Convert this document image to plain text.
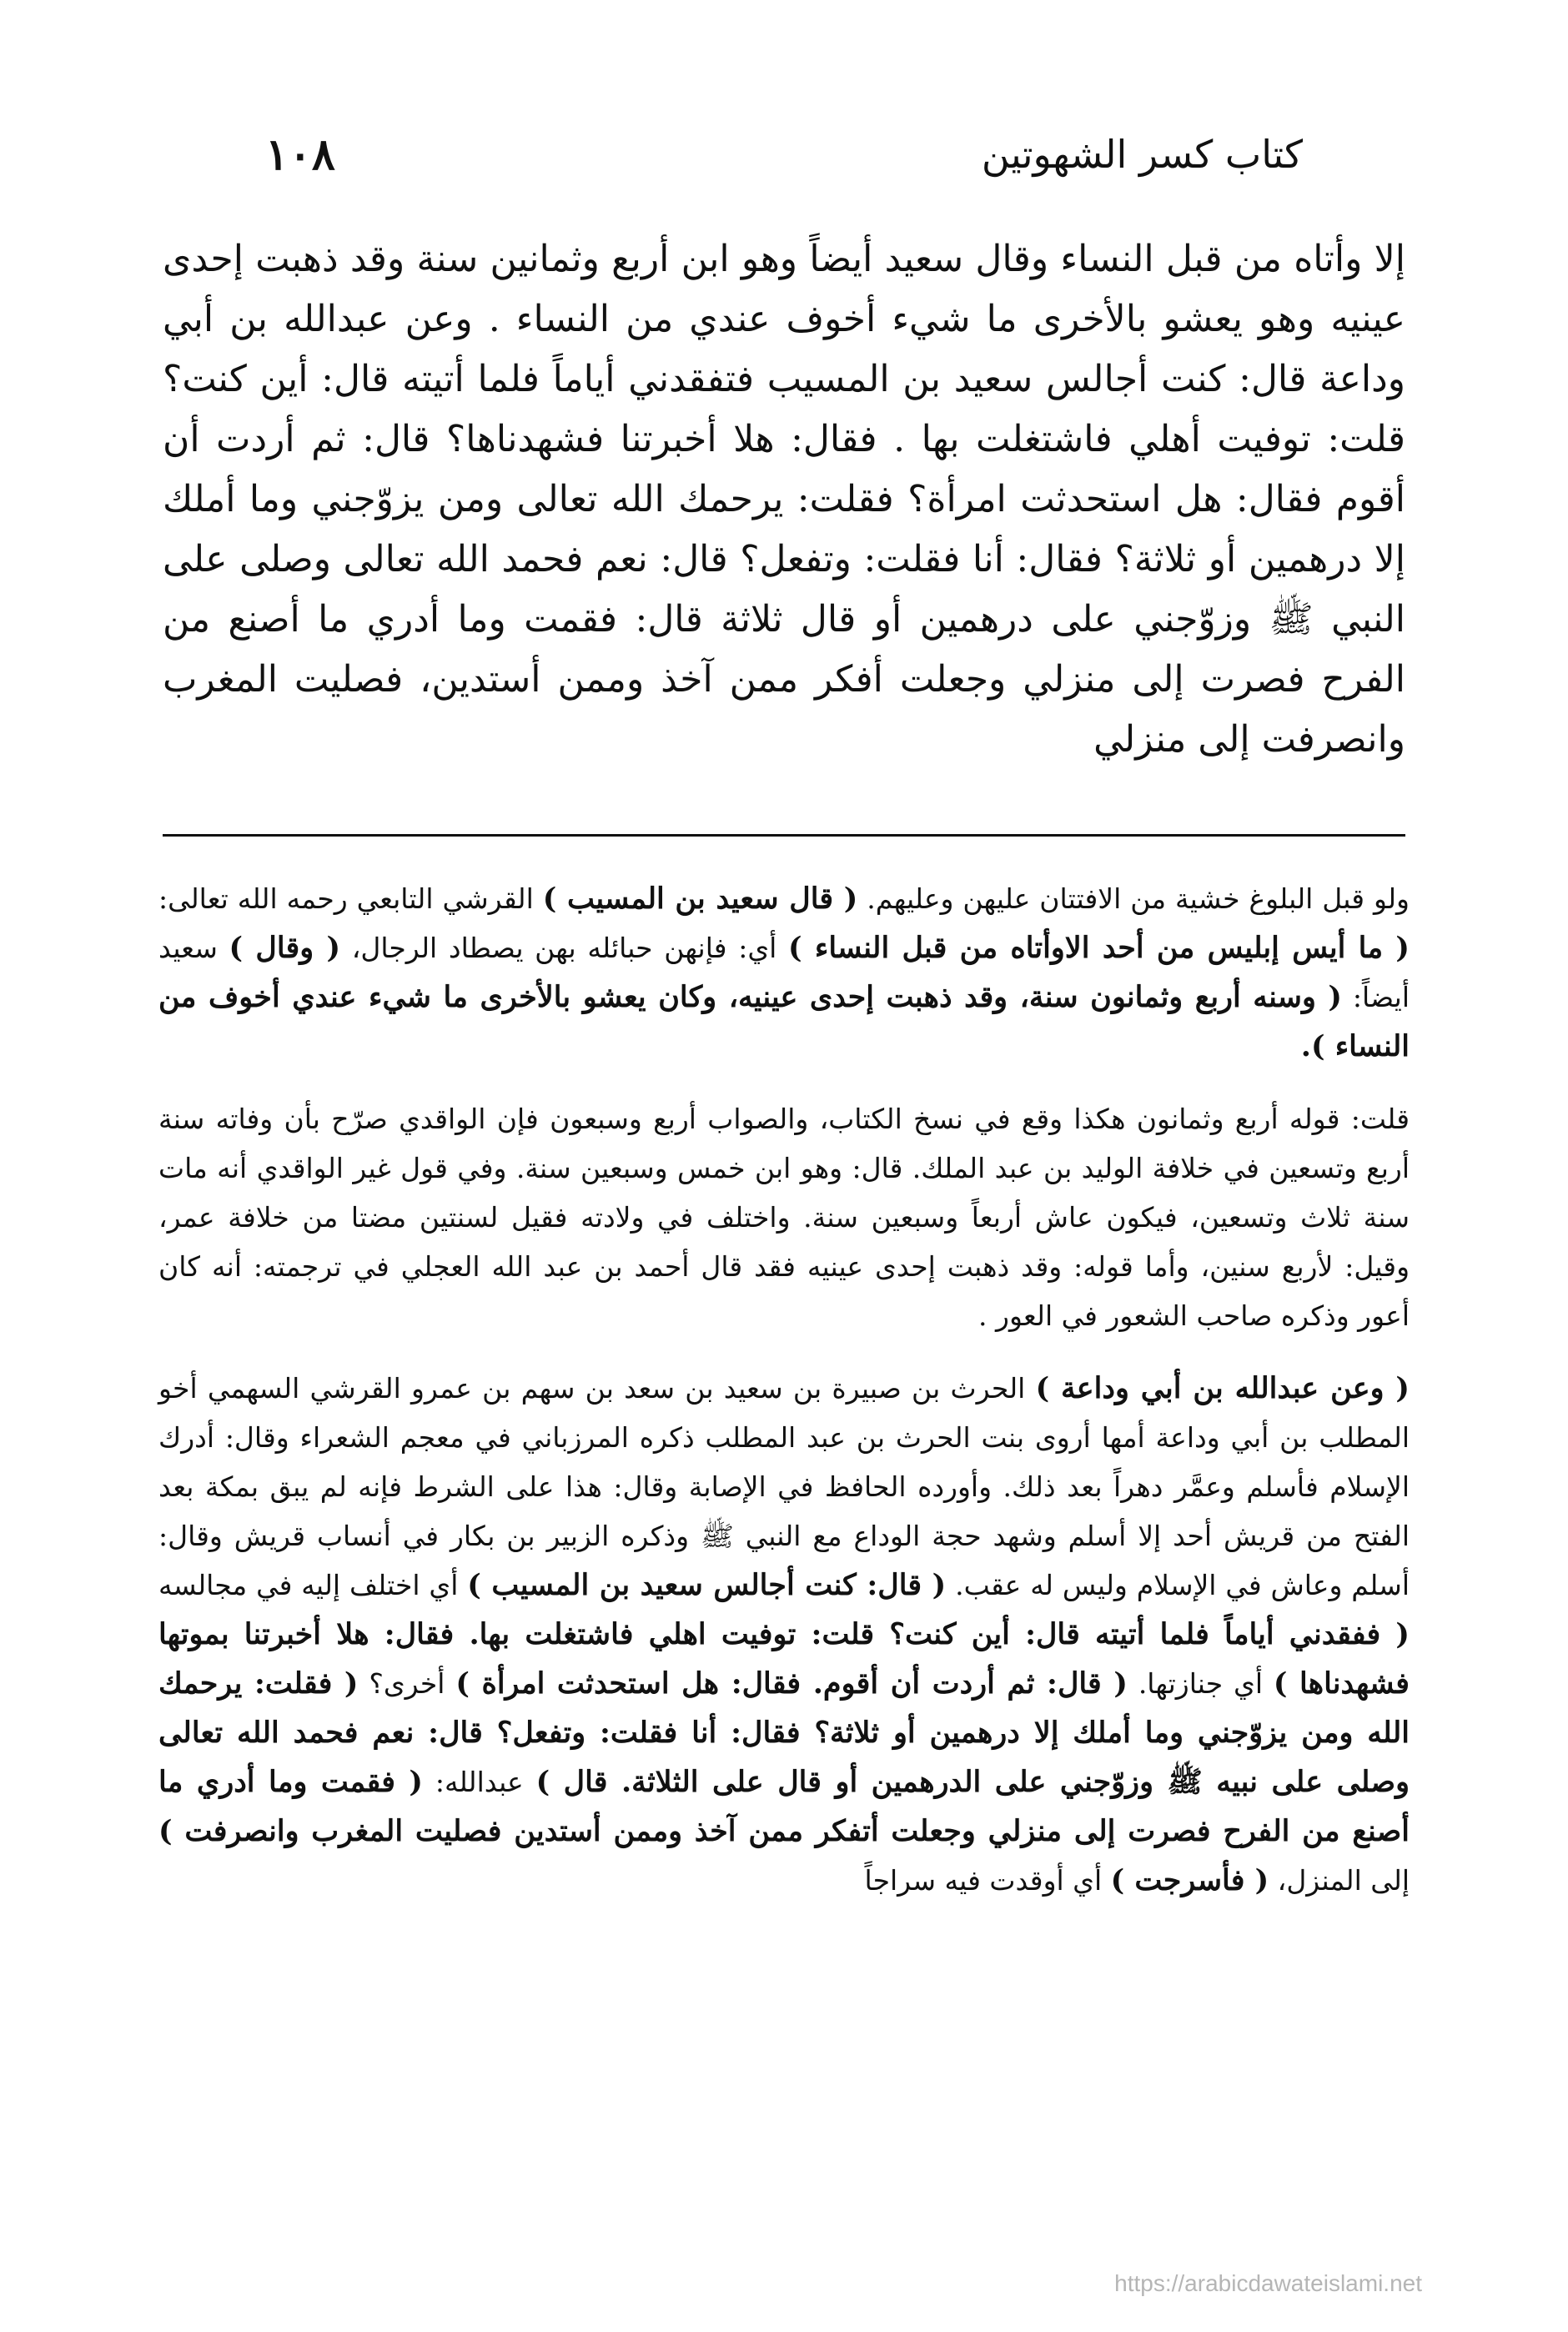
كتاب كسر الشهوتين
١٠٨

إلا وأتاه من قبل النساء وقال سعيد أيضاً وهو ابن أربع وثمانين سنة وقد ذهبت إحدى عينيه وهو يعشو بالأخرى ما شيء أخوف عندي من النساء . وعن عبدالله بن أبي وداعة قال: كنت أجالس سعيد بن المسيب فتفقدني أياماً فلما أتيته قال: أين كنت؟ قلت: توفيت أهلي فاشتغلت بها . فقال: هلا أخبرتنا فشهدناها؟ قال: ثم أردت أن أقوم فقال: هل استحدثت امرأة؟ فقلت: يرحمك الله تعالى ومن يزوّجني وما أملك إلا درهمين أو ثلاثة؟ فقال: أنا فقلت: وتفعل؟ قال: نعم فحمد الله تعالى وصلى على النبي ﷺ وزوّجني على درهمين أو قال ثلاثة قال: فقمت وما أدري ما أصنع من الفرح فصرت إلى منزلي وجعلت أفكر ممن آخذ وممن أستدين، فصليت المغرب وانصرفت إلى منزلي

ولو قبل البلوغ خشية من الافتتان عليهن وعليهم. ( قال سعيد بن المسيب ) القرشي التابعي رحمه الله تعالى: ( ما أيس إبليس من أحد الاوأتاه من قبل النساء ) أي: فإنهن حبائله بهن يصطاد الرجال، ( وقال ) سعيد أيضاً: ( وسنه أربع وثمانون سنة، وقد ذهبت إحدى عينيه، وكان يعشو بالأخرى ما شيء عندي أخوف من النساء ).

قلت: قوله أربع وثمانون هكذا وقع في نسخ الكتاب، والصواب أربع وسبعون فإن الواقدي صرّح بأن وفاته سنة أربع وتسعين في خلافة الوليد بن عبد الملك. قال: وهو ابن خمس وسبعين سنة. وفي قول غير الواقدي أنه مات سنة ثلاث وتسعين، فيكون عاش أربعاً وسبعين سنة. واختلف في ولادته فقيل لسنتين مضتا من خلافة عمر، وقيل: لأربع سنين، وأما قوله: وقد ذهبت إحدى عينيه فقد قال أحمد بن عبد الله العجلي في ترجمته: أنه كان أعور وذكره صاحب الشعور في العور .

( وعن عبدالله بن أبي وداعة ) الحرث بن صبيرة بن سعيد بن سعد بن سهم بن عمرو القرشي السهمي أخو المطلب بن أبي وداعة أمها أروى بنت الحرث بن عبد المطلب ذكره المرزباني في معجم الشعراء وقال: أدرك الإسلام فأسلم وعمَّر دهراً بعد ذلك. وأورده الحافظ في الإصابة وقال: هذا على الشرط فإنه لم يبق بمكة بعد الفتح من قريش أحد إلا أسلم وشهد حجة الوداع مع النبي ﷺ وذكره الزبير بن بكار في أنساب قريش وقال: أسلم وعاش في الإسلام وليس له عقب. ( قال: كنت أجالس سعيد بن المسيب ) أي اختلف إليه في مجالسه ( ففقدني أياماً فلما أتيته قال: أين كنت؟ قلت: توفيت اهلي فاشتغلت بها. فقال: هلا أخبرتنا بموتها فشهدناها ) أي جنازتها. ( قال: ثم أردت أن أقوم. فقال: هل استحدثت امرأة ) أخرى؟ ( فقلت: يرحمك الله ومن يزوّجني وما أملك إلا درهمين أو ثلاثة؟ فقال: أنا فقلت: وتفعل؟ قال: نعم فحمد الله تعالى وصلى على نبيه ﷺ وزوّجني على الدرهمين أو قال على الثلاثة. قال ) عبدالله: ( فقمت وما أدري ما أصنع من الفرح فصرت إلى منزلي وجعلت أتفكر ممن آخذ وممن أستدين فصليت المغرب وانصرفت ) إلى المنزل، ( فأسرجت ) أي أوقدت فيه سراجاً

https://arabicdawateislami.net
